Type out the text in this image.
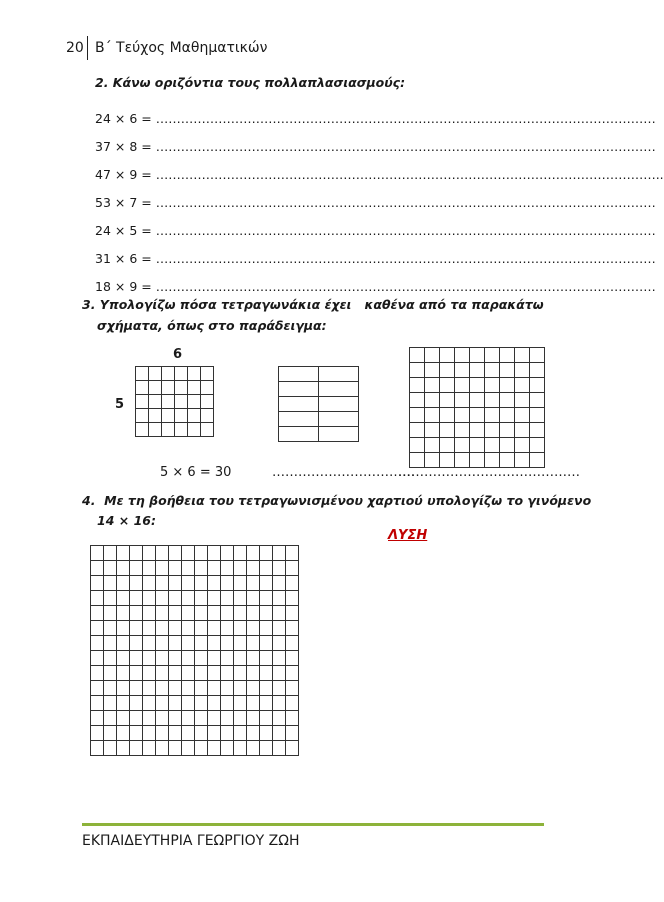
20 Β΄ Τεύχος Μαθηματικών
2. Κάνω οριζόντια τους πολλαπλασιασμούς:
24 × 6 = …………………………………………………………………………………………………………
37 × 8 = …………………………………………………………………………………………………………
47 × 9 = …………………………………………………………………………………………………………..
53 × 7 = …………………………………………………………………………………………………………
24 × 5 = …………………………………………………………………………………………………………
31 × 6 = …………………………………………………………………………………………………………
18 × 9 = …………………………………………………………………………………………………………
3. Υπολογίζω πόσα τετραγωνάκια έχει   καθένα από τα παρακάτω
σχήματα, όπως στο παράδειγμα:
6
5

5 × 6 = 30	……………………………
……………………………………
4.  Με τη βοήθεια του τετραγωνισμένου χαρτιού υπολογίζω το γινόμενο
14 × 16:
ΛΥΣΗ

ΕΚΠΑΙΔΕΥΤΗΡΙΑ ΓΕΩΡΓΙΟΥ ΖΩΗ
